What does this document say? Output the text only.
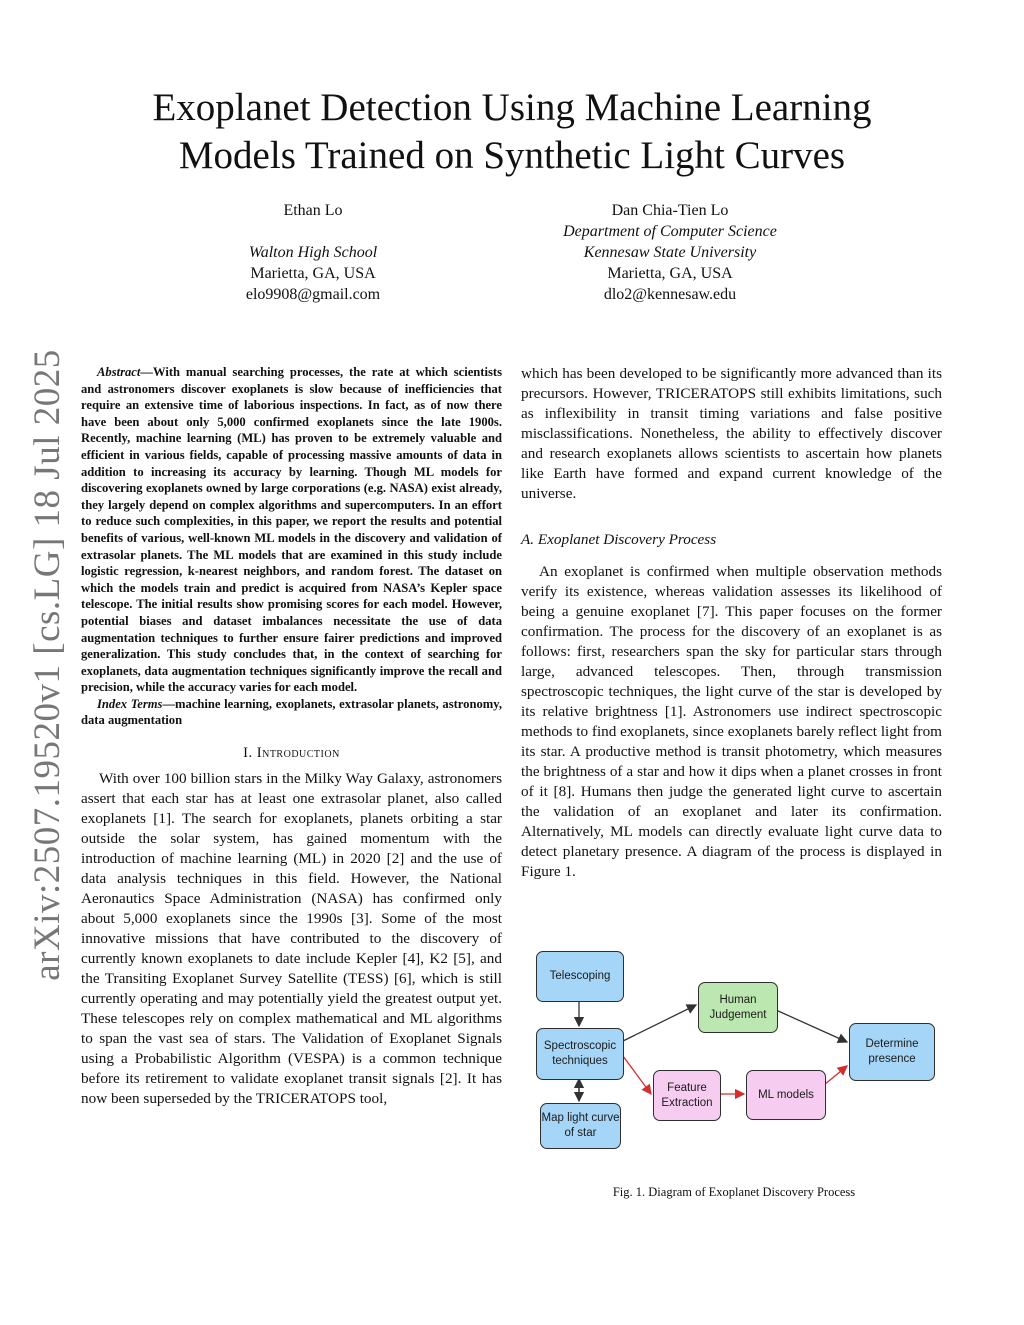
arXiv:2507.19520v1 [cs.LG] 18 Jul 2025
Exoplanet Detection Using Machine Learning
Models Trained on Synthetic Light Curves
Ethan Lo
Walton High School
Marietta, GA, USA
elo9908@gmail.com
Dan Chia-Tien Lo
Department of Computer Science
Kennesaw State University
Marietta, GA, USA
dlo2@kennesaw.edu

Abstract—With manual searching processes, the rate at which scientists and astronomers discover exoplanets is slow because of inefficiencies that require an extensive time of laborious inspections. In fact, as of now there have been about only 5,000 confirmed exoplanets since the late 1900s. Recently, machine learning (ML) has proven to be extremely valuable and efficient in various fields, capable of processing massive amounts of data in addition to increasing its accuracy by learning. Though ML models for discovering exoplanets owned by large corporations (e.g. NASA) exist already, they largely depend on complex algorithms and supercomputers. In an effort to reduce such complexities, in this paper, we report the results and potential benefits of various, well-known ML models in the discovery and validation of extrasolar planets. The ML models that are examined in this study include logistic regression, k-nearest neighbors, and random forest. The dataset on which the models train and predict is acquired from NASA’s Kepler space telescope. The initial results show promising scores for each model. However, potential biases and dataset imbalances necessitate the use of data augmentation techniques to further ensure fairer predictions and improved generalization. This study concludes that, in the context of searching for exoplanets, data augmentation techniques significantly improve the recall and precision, while the accuracy varies for each model.

Index Terms—machine learning, exoplanets, extrasolar planets, astronomy, data augmentation

I. Introduction

With over 100 billion stars in the Milky Way Galaxy, astronomers assert that each star has at least one extrasolar planet, also called exoplanets [1]. The search for exoplanets, planets orbiting a star outside the solar system, has gained momentum with the introduction of machine learning (ML) in 2020 [2] and the use of data analysis techniques in this field. However, the National Aeronautics Space Administration (NASA) has confirmed only about 5,000 exoplanets since the 1990s [3]. Some of the most innovative missions that have contributed to the discovery of currently known exoplanets to date include Kepler [4], K2 [5], and the Transiting Exoplanet Survey Satellite (TESS) [6], which is still currently operating and may potentially yield the greatest output yet. These telescopes rely on complex mathematical and ML algorithms to span the vast sea of stars. The Validation of Exoplanet Signals using a Probabilistic Algorithm (VESPA) is a common technique before its retirement to validate exoplanet transit signals [2]. It has now been superseded by the TRICERATOPS tool,

which has been developed to be significantly more advanced than its precursors. However, TRICERATOPS still exhibits limitations, such as inflexibility in transit timing variations and false positive misclassifications. Nonetheless, the ability to effectively discover and research exoplanets allows scientists to ascertain how planets like Earth have formed and expand current knowledge of the universe.

A. Exoplanet Discovery Process

An exoplanet is confirmed when multiple observation methods verify its existence, whereas validation assesses its likelihood of being a genuine exoplanet [7]. This paper focuses on the former confirmation. The process for the discovery of an exoplanet is as follows: first, researchers span the sky for particular stars through large, advanced telescopes. Then, through transmission spectroscopic techniques, the light curve of the star is developed by its relative brightness [1]. Astronomers use indirect spectroscopic methods to find exoplanets, since exoplanets barely reflect light from its star. A productive method is transit photometry, which measures the brightness of a star and how it dips when a planet crosses in front of it [8]. Humans then judge the generated light curve to ascertain the validation of an exoplanet and later its confirmation. Alternatively, ML models can directly evaluate light curve data to detect planetary presence. A diagram of the process is displayed in Figure 1.

Telescoping
Spectroscopic techniques
Map light curve of star
Human Judgement
Feature Extraction
ML models
Determine presence
Fig. 1. Diagram of Exoplanet Discovery Process
